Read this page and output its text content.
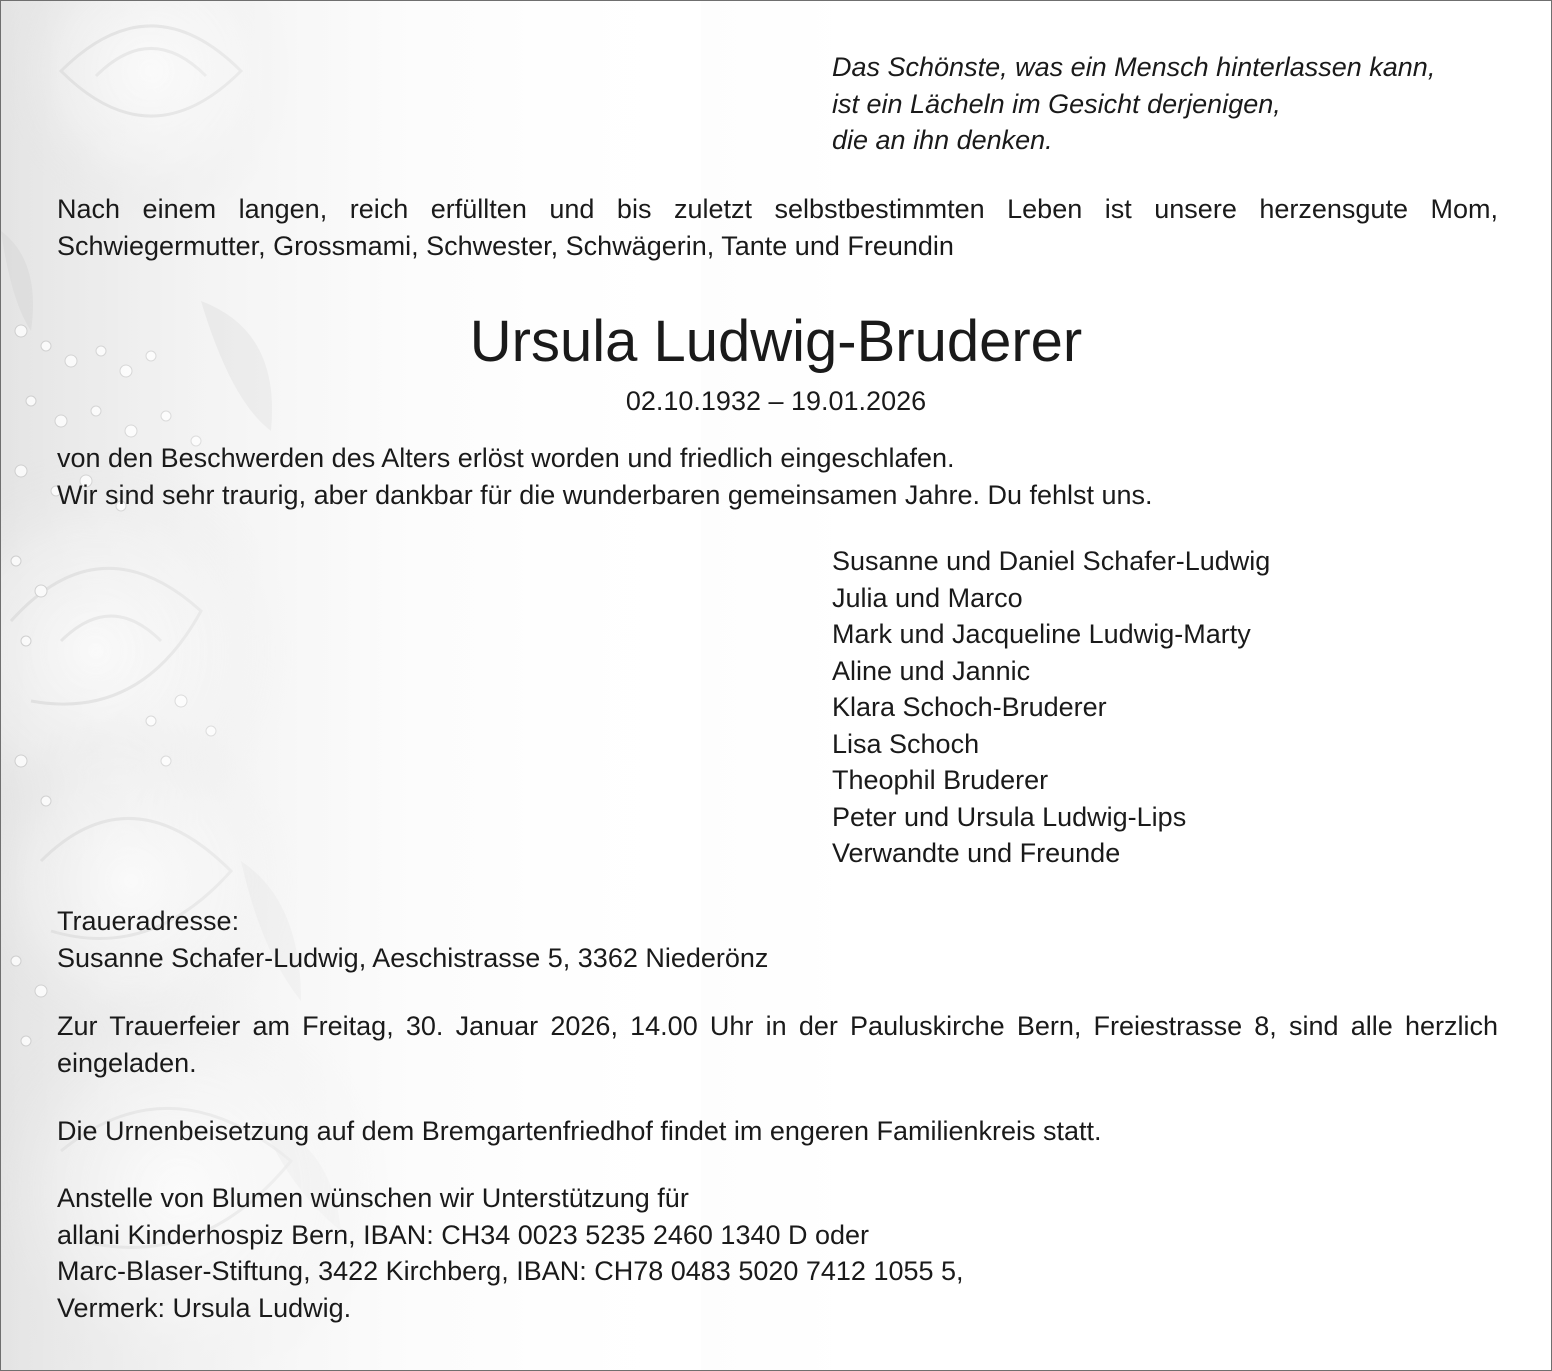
Das Schönste, was ein Mensch hinterlassen kann,
ist ein Lächeln im Gesicht derjenigen,
die an ihn denken.
Nach einem langen, reich erfüllten und bis zuletzt selbstbestimmten Leben ist unsere herzensgute Mom, Schwiegermutter, Grossmami, Schwester, Schwägerin, Tante und Freundin
Ursula Ludwig-Bruderer
02.10.1932 – 19.01.2026
von den Beschwerden des Alters erlöst worden und friedlich eingeschlafen.
Wir sind sehr traurig, aber dankbar für die wunderbaren gemeinsamen Jahre. Du fehlst uns.
Susanne und Daniel Schafer-Ludwig
Julia und Marco
Mark und Jacqueline Ludwig-Marty
Aline und Jannic
Klara Schoch-Bruderer
Lisa Schoch
Theophil Bruderer
Peter und Ursula Ludwig-Lips
Verwandte und Freunde
Traueradresse:
Susanne Schafer-Ludwig, Aeschistrasse 5, 3362 Niederönz
Zur Trauerfeier am Freitag, 30. Januar 2026, 14.00 Uhr in der Pauluskirche Bern, Freiestrasse 8, sind alle herzlich eingeladen.
Die Urnenbeisetzung auf dem Bremgartenfriedhof findet im engeren Familienkreis statt.
Anstelle von Blumen wünschen wir Unterstützung für
allani Kinderhospiz Bern, IBAN: CH34 0023 5235 2460 1340 D oder
Marc-Blaser-Stiftung, 3422 Kirchberg, IBAN: CH78 0483 5020 7412 1055 5,
Vermerk: Ursula Ludwig.
